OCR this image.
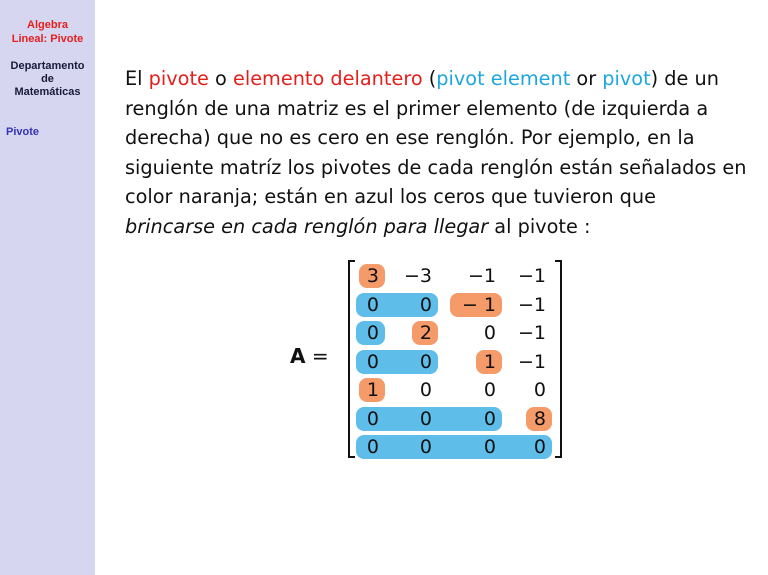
Algebra
Lineal: Pivote
Departamento
de
Matemáticas
Pivote

El pivote o elemento delantero (pivot element or pivot) de un renglón de una matriz es el primer elemento (de izquierda a derecha) que no es cero en ese renglón. Por ejemplo, en la siguiente matríz los pivotes de cada renglón están señalados en color naranja; están en azul los ceros que tuvieron que brincarse en cada renglón para llegar al pivote :

A =
3	−3	−1	−1
0	0	− 1	−1
0	2	0	−1
0	0	1	−1
1	0	0	0
0	0	0	8
0	0	0	0
